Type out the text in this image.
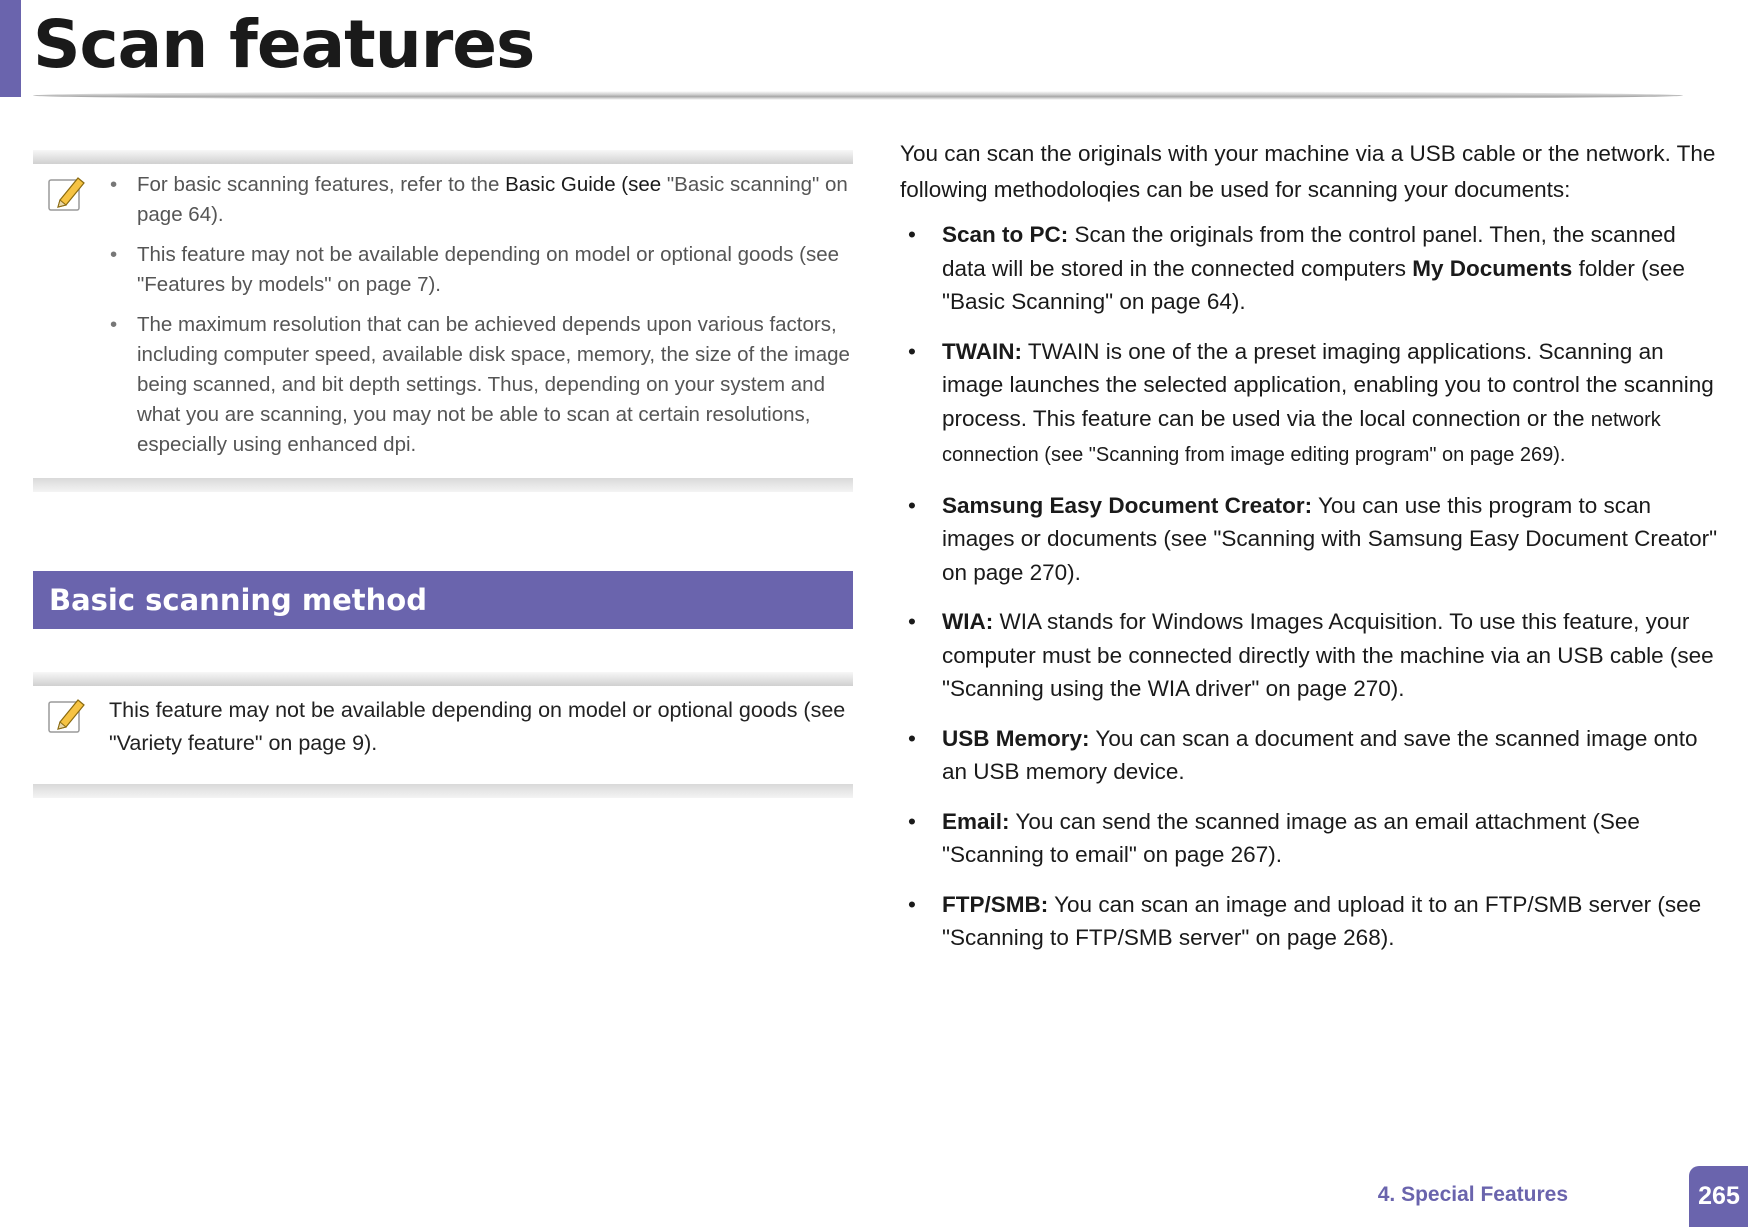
Scan features
• For basic scanning features, refer to the Basic Guide (see "Basic scanning" on page 64).
• This feature may not be available depending on model or optional goods (see "Features by models" on page 7).
• The maximum resolution that can be achieved depends upon various factors, including computer speed, available disk space, memory, the size of the image being scanned, and bit depth settings. Thus, depending on your system and what you are scanning, you may not be able to scan at certain resolutions, especially using enhanced dpi.
Basic scanning method
This feature may not be available depending on model or optional goods (see "Variety feature" on page 9).

You can scan the originals with your machine via a USB cable or the network. The following methodoloqies can be used for scanning your documents:

• Scan to PC: Scan the originals from the control panel. Then, the scanned data will be stored in the connected computers My Documents folder (see "Basic Scanning" on page 64).
• TWAIN: TWAIN is one of the a preset imaging applications. Scanning an image launches the selected application, enabling you to control the scanning process. This feature can be used via the local connection or the network connection (see "Scanning from image editing program" on page 269).
• Samsung Easy Document Creator: You can use this program to scan images or documents (see "Scanning with Samsung Easy Document Creator" on page 270).
• WIA: WIA stands for Windows Images Acquisition. To use this feature, your computer must be connected directly with the machine via an USB cable (see "Scanning using the WIA driver" on page 270).
• USB Memory: You can scan a document and save the scanned image onto an USB memory device.
• Email: You can send the scanned image as an email attachment (See "Scanning to email" on page 267).
• FTP/SMB: You can scan an image and upload it to an FTP/SMB server (see "Scanning to FTP/SMB server" on page 268).
4. Special Features	265
